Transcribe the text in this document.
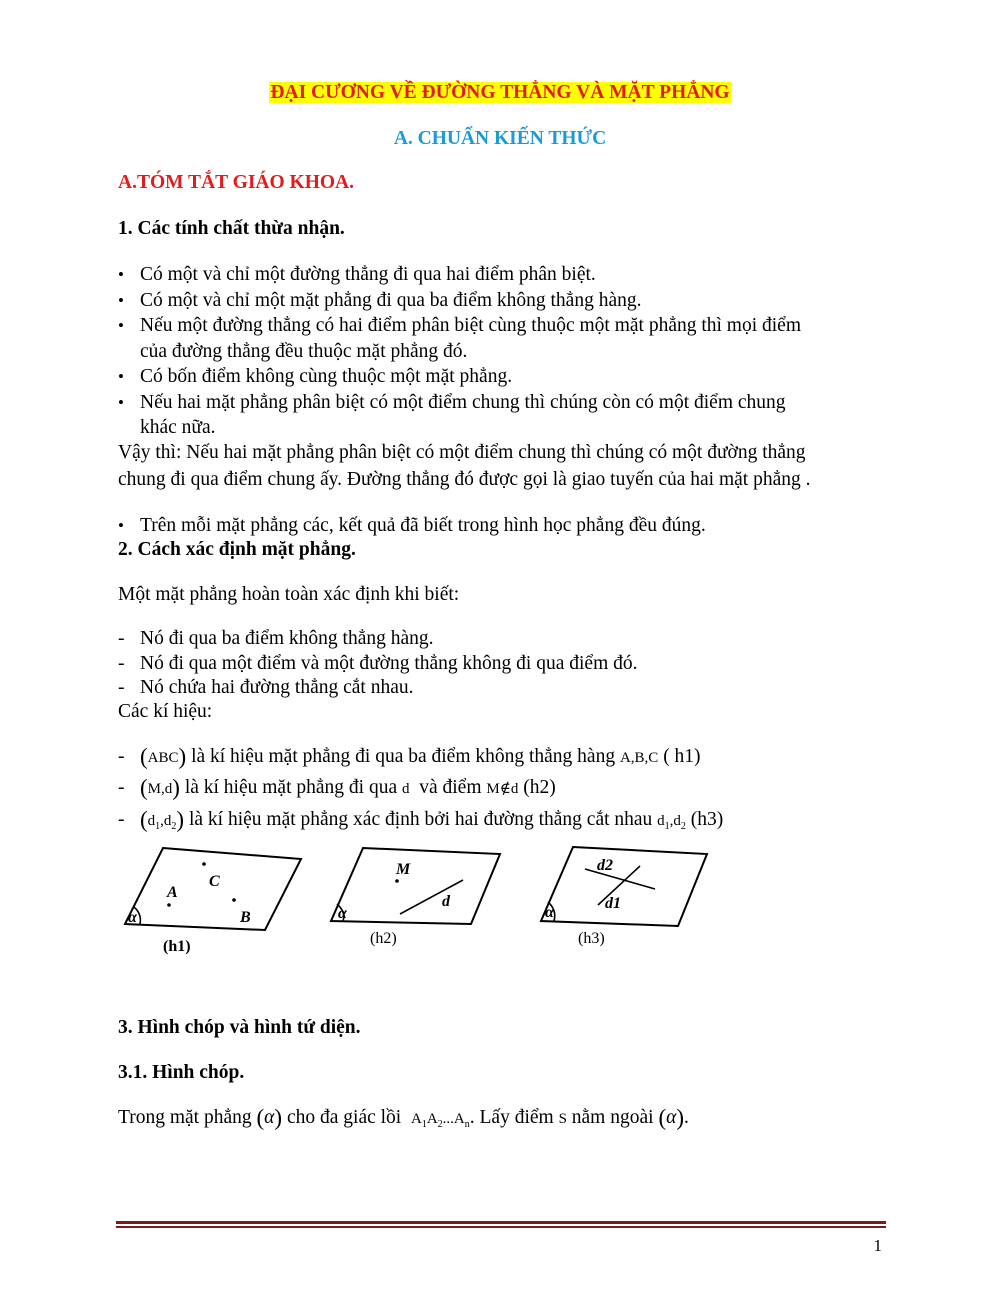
ĐẠI CƯƠNG VỀ ĐƯỜNG THẲNG VÀ MẶT PHẲNG
A. CHUẨN KIẾN THỨC
A.TÓM TẮT GIÁO KHOA.
1. Các tính chất thừa nhận.
• Có một và chỉ một đường thẳng đi qua hai điểm phân biệt.
• Có một và chỉ một mặt phẳng đi qua ba điểm không thẳng hàng.
• Nếu một đường thẳng có hai điểm phân biệt cùng thuộc một mặt phẳng thì mọi điểm
của đường thẳng đều thuộc mặt phẳng đó.
• Có bốn điểm không cùng thuộc một mặt phẳng.
• Nếu hai mặt phẳng phân biệt có một điểm chung thì chúng còn có một điểm chung
khác nữa.
Vậy thì: Nếu hai mặt phẳng phân biệt có một điểm chung thì chúng có một đường thẳng
chung đi qua điểm chung ấy. Đường thẳng đó được gọi là giao tuyến của hai mặt phẳng .
• Trên mỗi mặt phẳng các, kết quả đã biết trong hình học phẳng đều đúng.
2. Cách xác định mặt phẳng.
Một mặt phẳng hoàn toàn xác định khi biết:
- Nó đi qua ba điểm không thẳng hàng.
- Nó đi qua một điểm và một đường thẳng không đi qua điểm đó.
- Nó chứa hai đường thẳng cắt nhau.
Các kí hiệu:
- (ABC) là kí hiệu mặt phẳng đi qua ba điểm không thẳng hàng A,B,C ( h1)
- (M,d) là kí hiệu mặt phẳng đi qua d và điểm M∉d (h2)
- $(d_1,d_2)$ là kí hiệu mặt phẳng xác định bởi hai đường thẳng cắt nhau $d_1,d_2$ (h3)
α
A
C
B
(h1)
α
M
d
(h2)
α
d2
d1
(h3)
3. Hình chóp và hình tứ diện.
3.1. Hình chóp.
Trong mặt phẳng (α) cho đa giác lồi $A_1A_2...A_n$. Lấy điểm S nằm ngoài (α).
1
